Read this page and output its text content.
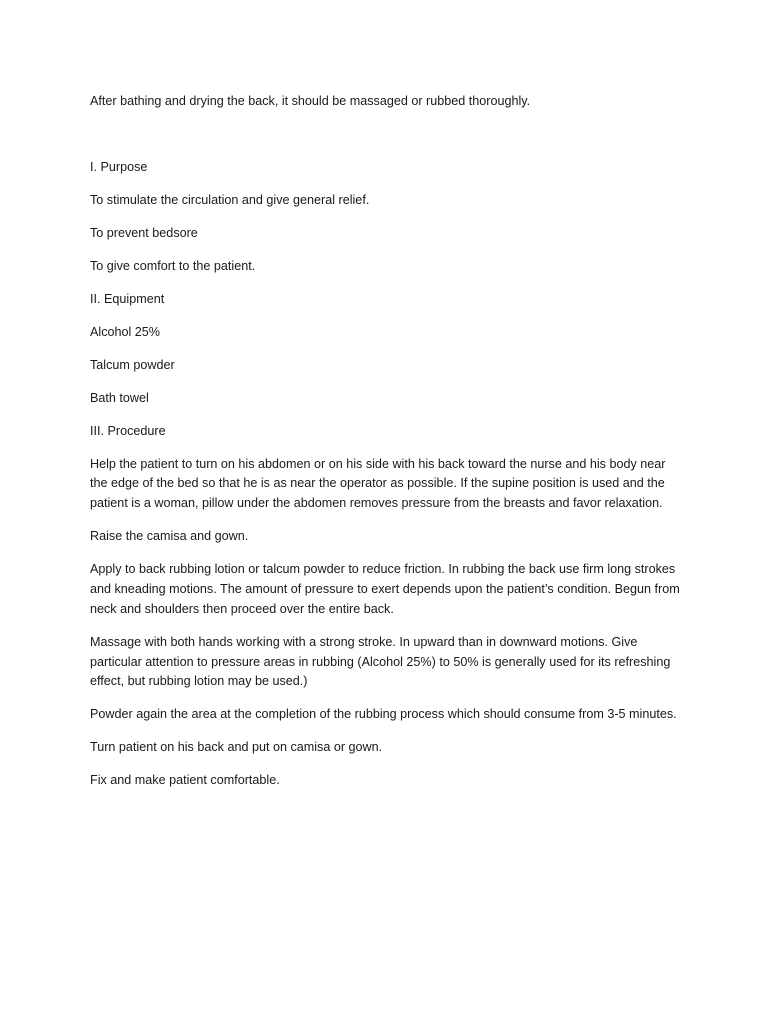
After bathing and drying the back, it should be massaged or rubbed thoroughly.

I. Purpose

To stimulate the circulation and give general relief.

To prevent bedsore

To give comfort to the patient.

II. Equipment

Alcohol 25%

Talcum powder

Bath towel

III. Procedure

Help the patient to turn on his abdomen or on his side with his back toward the nurse and his body near the edge of the bed so that he is as near the operator as possible. If the supine position is used and the patient is a woman, pillow under the abdomen removes pressure from the breasts and favor relaxation.

Raise the camisa and gown.

Apply to back rubbing lotion or talcum powder to reduce friction. In rubbing the back use firm long strokes and kneading motions. The amount of pressure to exert depends upon the patient’s condition. Begun from neck and shoulders then proceed over the entire back.

Massage with both hands working with a strong stroke. In upward than in downward motions. Give particular attention to pressure areas in rubbing (Alcohol 25%) to 50% is generally used for its refreshing effect, but rubbing lotion may be used.)

Powder again the area at the completion of the rubbing process which should consume from 3-5 minutes.

Turn patient on his back and put on camisa or gown.

Fix and make patient comfortable.
